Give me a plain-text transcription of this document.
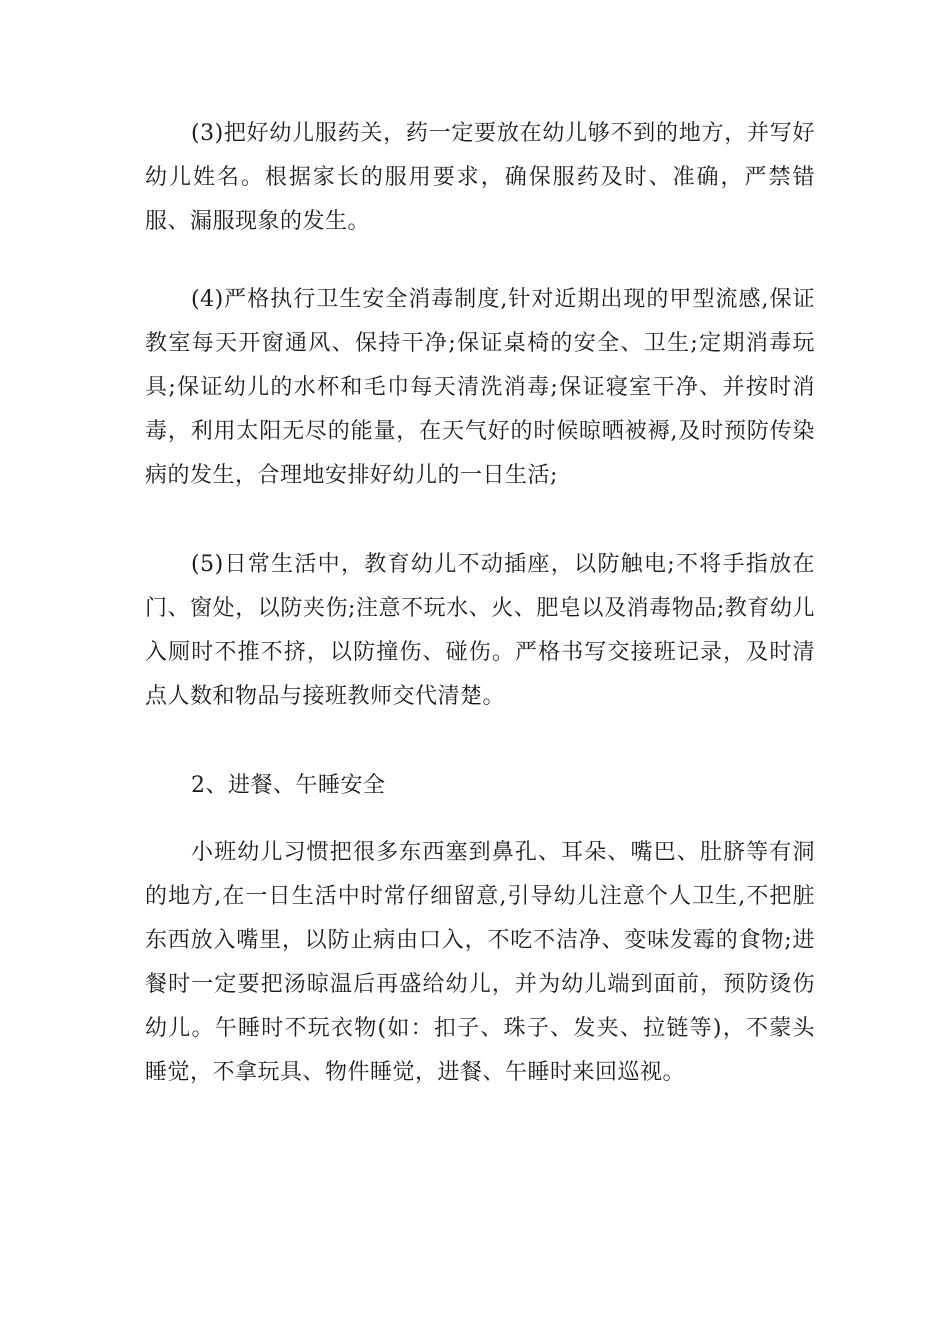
(3)把好幼儿服药关，药一定要放在幼儿够不到的地方，并写好幼儿姓名。根据家长的服用要求，确保服药及时、准确，严禁错服、漏服现象的发生。

(4)严格执行卫生安全消毒制度,针对近期出现的甲型流感,保证教室每天开窗通风、保持干净;保证桌椅的安全、卫生;定期消毒玩具;保证幼儿的水杯和毛巾每天清洗消毒;保证寝室干净、并按时消毒，利用太阳无尽的能量，在天气好的时候晾晒被褥,及时预防传染病的发生，合理地安排好幼儿的一日生活;

(5)日常生活中，教育幼儿不动插座，以防触电;不将手指放在门、窗处，以防夹伤;注意不玩水、火、肥皂以及消毒物品;教育幼儿入厕时不推不挤，以防撞伤、碰伤。严格书写交接班记录，及时清点人数和物品与接班教师交代清楚。

2、进餐、午睡安全

小班幼儿习惯把很多东西塞到鼻孔、耳朵、嘴巴、肚脐等有洞的地方,在一日生活中时常仔细留意,引导幼儿注意个人卫生,不把脏东西放入嘴里，以防止病由口入，不吃不洁净、变味发霉的食物;进餐时一定要把汤晾温后再盛给幼儿，并为幼儿端到面前，预防烫伤幼儿。午睡时不玩衣物(如：扣子、珠子、发夹、拉链等)，不蒙头睡觉，不拿玩具、物件睡觉，进餐、午睡时来回巡视。
